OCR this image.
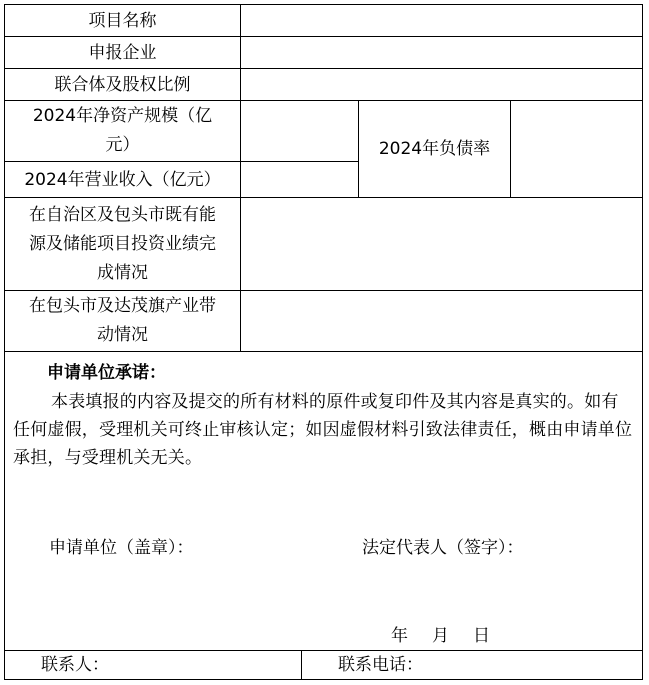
项目名称
申报企业
联合体及股权比例
2024年净资产规模（亿
元）
2024年营业收入（亿元）
2024年负债率
在自治区及包头市既有能
源及储能项目投资业绩完
成情况
在包头市及达茂旗产业带
动情况
申请单位承诺：
本表填报的内容及提交的所有材料的原件或复印件及其内容是真实的。如有任何虚假，受理机关可终止审核认定；如因虚假材料引致法律责任，概由申请单位承担，与受理机关无关。
申请单位（盖章）：	法定代表人（签字）：
年 月 日
联系人：	联系电话：
